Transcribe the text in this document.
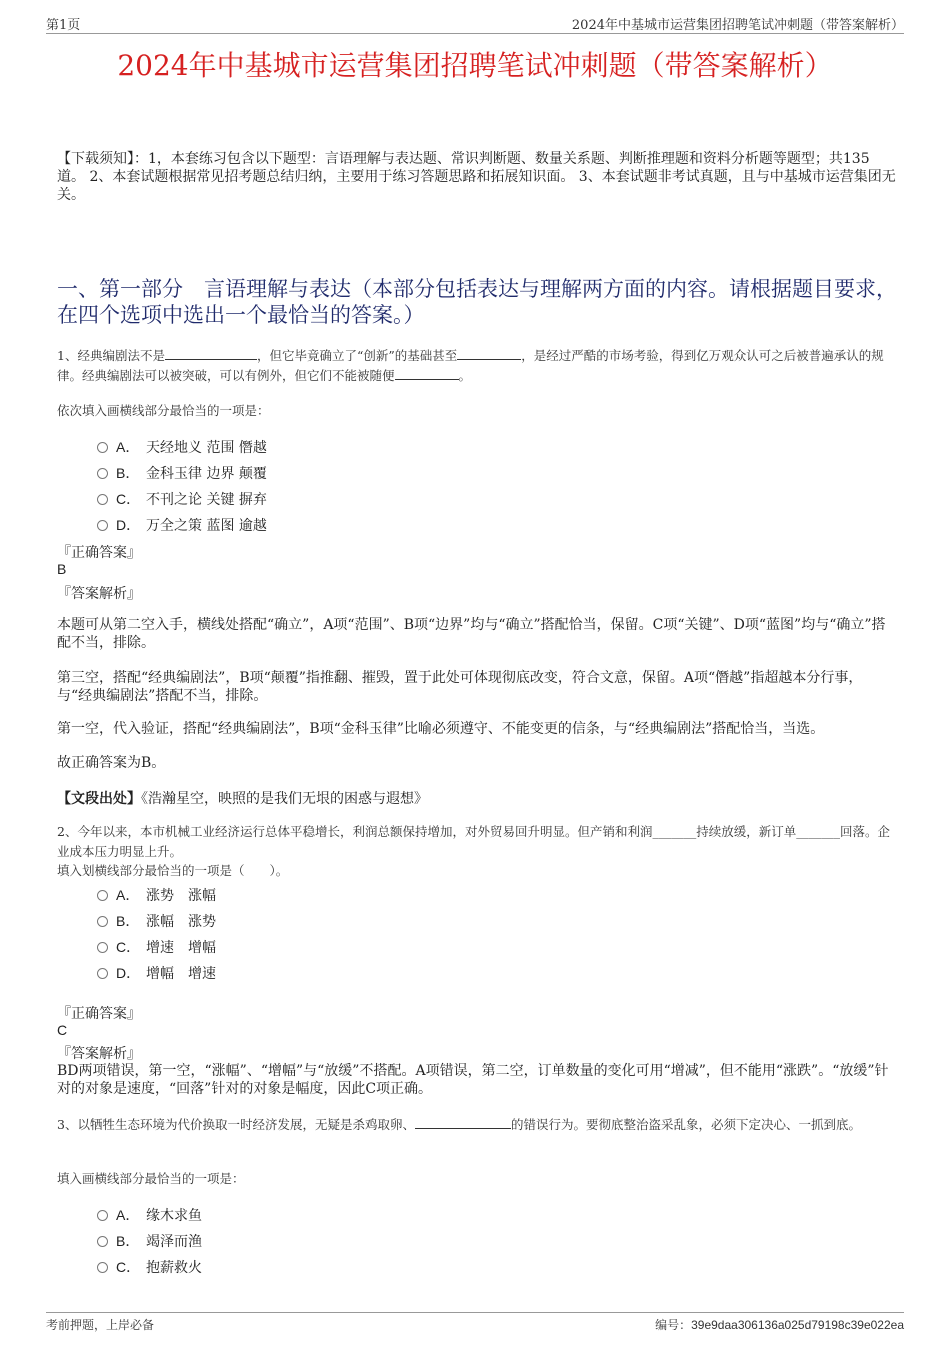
第1页	2024年中基城市运营集团招聘笔试冲刺题（带答案解析）
2024年中基城市运营集团招聘笔试冲刺题（带答案解析）
【下载须知】：1，本套练习包含以下题型：言语理解与表达题、常识判断题、数量关系题、判断推理题和资料分析题等题型；共135道。 2、本套试题根据常见招考题总结归纳，主要用于练习答题思路和拓展知识面。 3、本套试题非考试真题，且与中基城市运营集团无关。
一、第一部分　言语理解与表达（本部分包括表达与理解两方面的内容。请根据题目要求，在四个选项中选出一个最恰当的答案。）
1、经典编剧法不是	，但它毕竟确立了“创新”的基础甚至	，是经过严酷的市场考验，得到亿万观众认可之后被普遍承认的规律。经典编剧法可以被突破，可以有例外，但它们不能被随便	。
依次填入画横线部分最恰当的一项是：
A． 天经地义 范围 僭越
B． 金科玉律 边界 颠覆
C． 不刊之论 关键 摒弃
D． 万全之策 蓝图 逾越
『正确答案』
B
『答案解析』
本题可从第二空入手，横线处搭配“确立”，A项“范围”、B项“边界”均与“确立”搭配恰当，保留。C项“关键”、D项“蓝图”均与“确立”搭配不当，排除。
第三空，搭配“经典编剧法”，B项“颠覆”指推翻、摧毁，置于此处可体现彻底改变，符合文意，保留。A项“僭越”指超越本分行事，与“经典编剧法”搭配不当，排除。
第一空，代入验证，搭配“经典编剧法”，B项“金科玉律”比喻必须遵守、不能变更的信条，与“经典编剧法”搭配恰当，当选。
故正确答案为B。
【文段出处】《浩瀚星空，映照的是我们无垠的困惑与遐想》
2、今年以来，本市机械工业经济运行总体平稳增长，利润总额保持增加，对外贸易回升明显。但产销和利润_______持续放缓，新订单_______回落。企业成本压力明显上升。
填入划横线部分最恰当的一项是（　　）。
A． 涨势　涨幅
B． 涨幅　涨势
C． 增速　增幅
D． 增幅　增速
『正确答案』
C
『答案解析』
BD两项错误，第一空，“涨幅”、“增幅”与“放缓”不搭配。A项错误，第二空，订单数量的变化可用“增减”，但不能用“涨跌”。“放缓”针对的对象是速度，“回落”针对的对象是幅度，因此C项正确。
3、以牺牲生态环境为代价换取一时经济发展，无疑是杀鸡取卵、	的错误行为。要彻底整治盗采乱象，必须下定决心、一抓到底。
填入画横线部分最恰当的一项是：
A． 缘木求鱼
B． 竭泽而渔
C． 抱薪救火
考前押题，上岸必备	编号：39e9daa306136a025d79198c39e022ea
